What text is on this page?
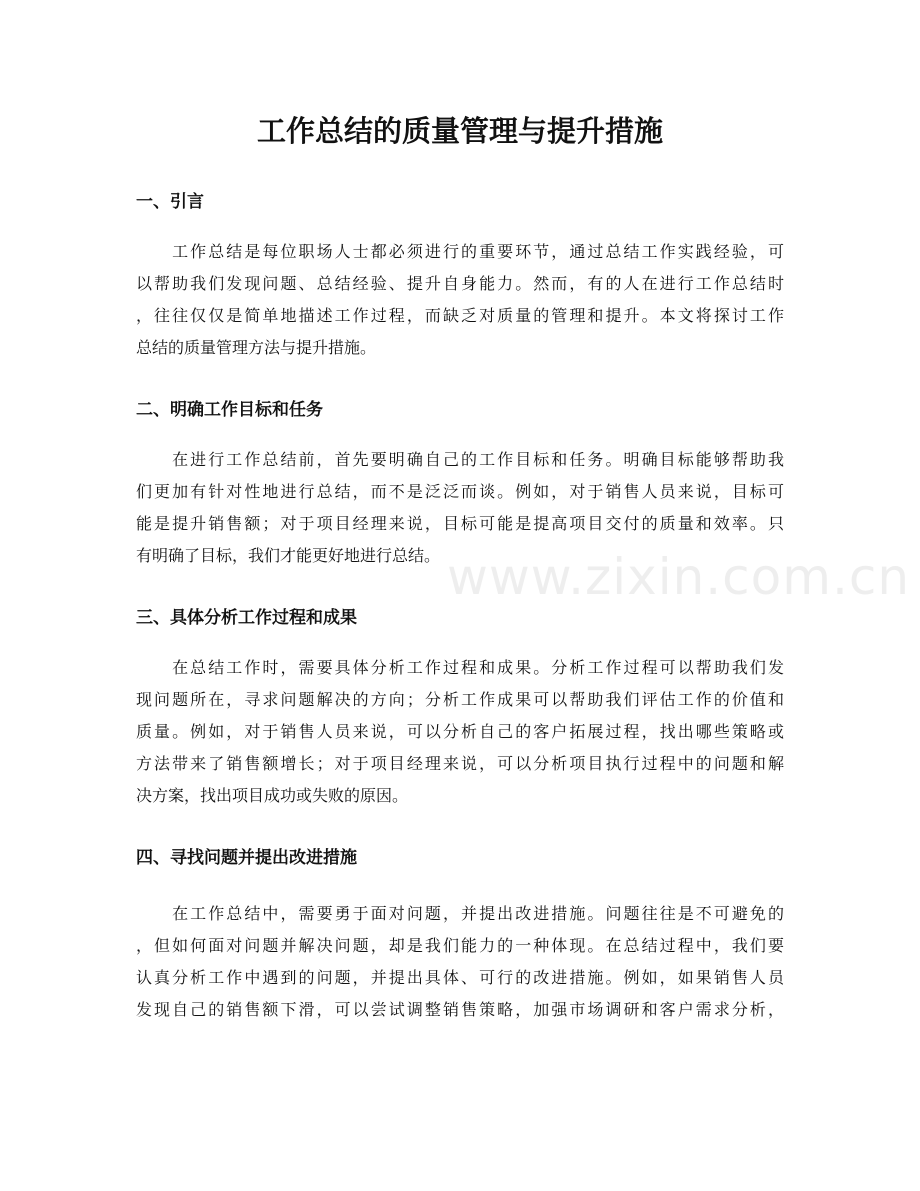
www.zixin.com.cn
工作总结的质量管理与提升措施
一、引言
　　工作总结是每位职场人士都必须进行的重要环节，通过总结工作实践经验，可
以帮助我们发现问题、总结经验、提升自身能力。然而，有的人在进行工作总结时
，往往仅仅是简单地描述工作过程，而缺乏对质量的管理和提升。本文将探讨工作
总结的质量管理方法与提升措施。
二、明确工作目标和任务
　　在进行工作总结前，首先要明确自己的工作目标和任务。明确目标能够帮助我
们更加有针对性地进行总结，而不是泛泛而谈。例如，对于销售人员来说，目标可
能是提升销售额；对于项目经理来说，目标可能是提高项目交付的质量和效率。只
有明确了目标，我们才能更好地进行总结。
三、具体分析工作过程和成果
　　在总结工作时，需要具体分析工作过程和成果。分析工作过程可以帮助我们发
现问题所在，寻求问题解决的方向；分析工作成果可以帮助我们评估工作的价值和
质量。例如，对于销售人员来说，可以分析自己的客户拓展过程，找出哪些策略或
方法带来了销售额增长；对于项目经理来说，可以分析项目执行过程中的问题和解
决方案，找出项目成功或失败的原因。
四、寻找问题并提出改进措施
　　在工作总结中，需要勇于面对问题，并提出改进措施。问题往往是不可避免的
，但如何面对问题并解决问题，却是我们能力的一种体现。在总结过程中，我们要
认真分析工作中遇到的问题，并提出具体、可行的改进措施。例如，如果销售人员
发现自己的销售额下滑，可以尝试调整销售策略，加强市场调研和客户需求分析，
